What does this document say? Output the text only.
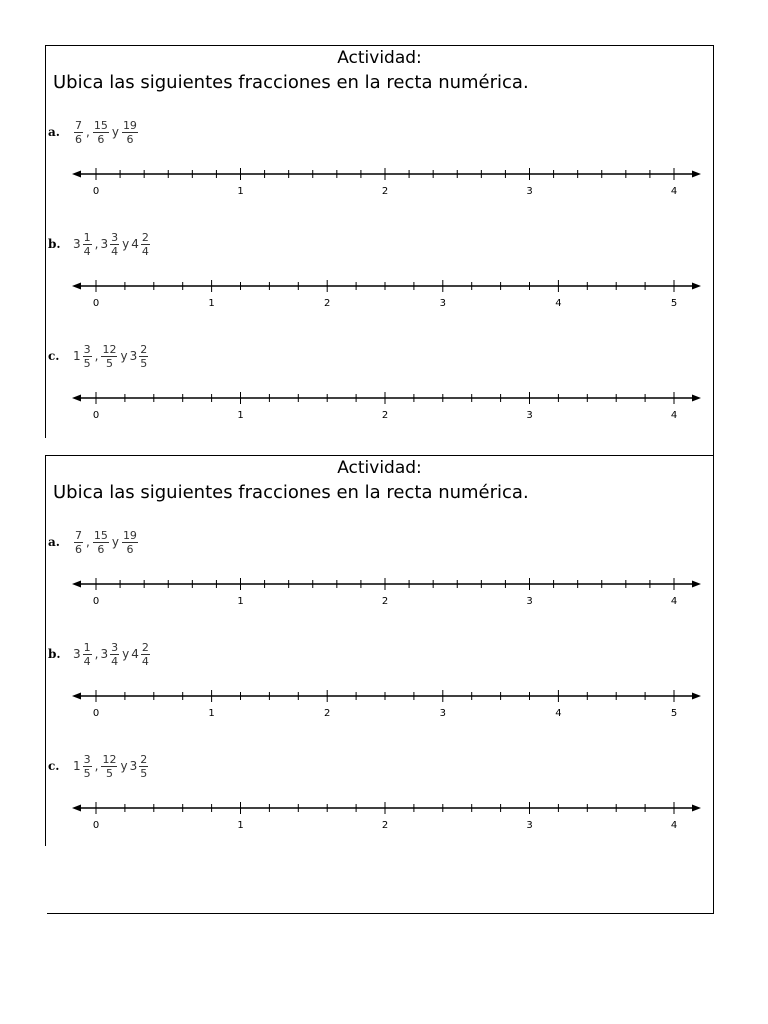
Actividad:
Ubica las siguientes fracciones en la recta numérica.
a. $\frac{7}{6}$ , $\frac{15}{6}$ y $\frac{19}{6}$
0	1	2	3	4
b. $3 \frac{1}{4}$ , $3 \frac{3}{4}$ y $4 \frac{2}{4}$
0	1	2	3	4	5
c. $1 \frac{3}{5}$ , $\frac{12}{5}$ y $3 \frac{2}{5}$
0	1	2	3	4
Actividad:
Ubica las siguientes fracciones en la recta numérica.
a. $\frac{7}{6}$ , $\frac{15}{6}$ y $\frac{19}{6}$
0	1	2	3	4
b. $3 \frac{1}{4}$ , $3 \frac{3}{4}$ y $4 \frac{2}{4}$
0	1	2	3	4	5
c. $1 \frac{3}{5}$ , $\frac{12}{5}$ y $3 \frac{2}{5}$
0	1	2	3	4
